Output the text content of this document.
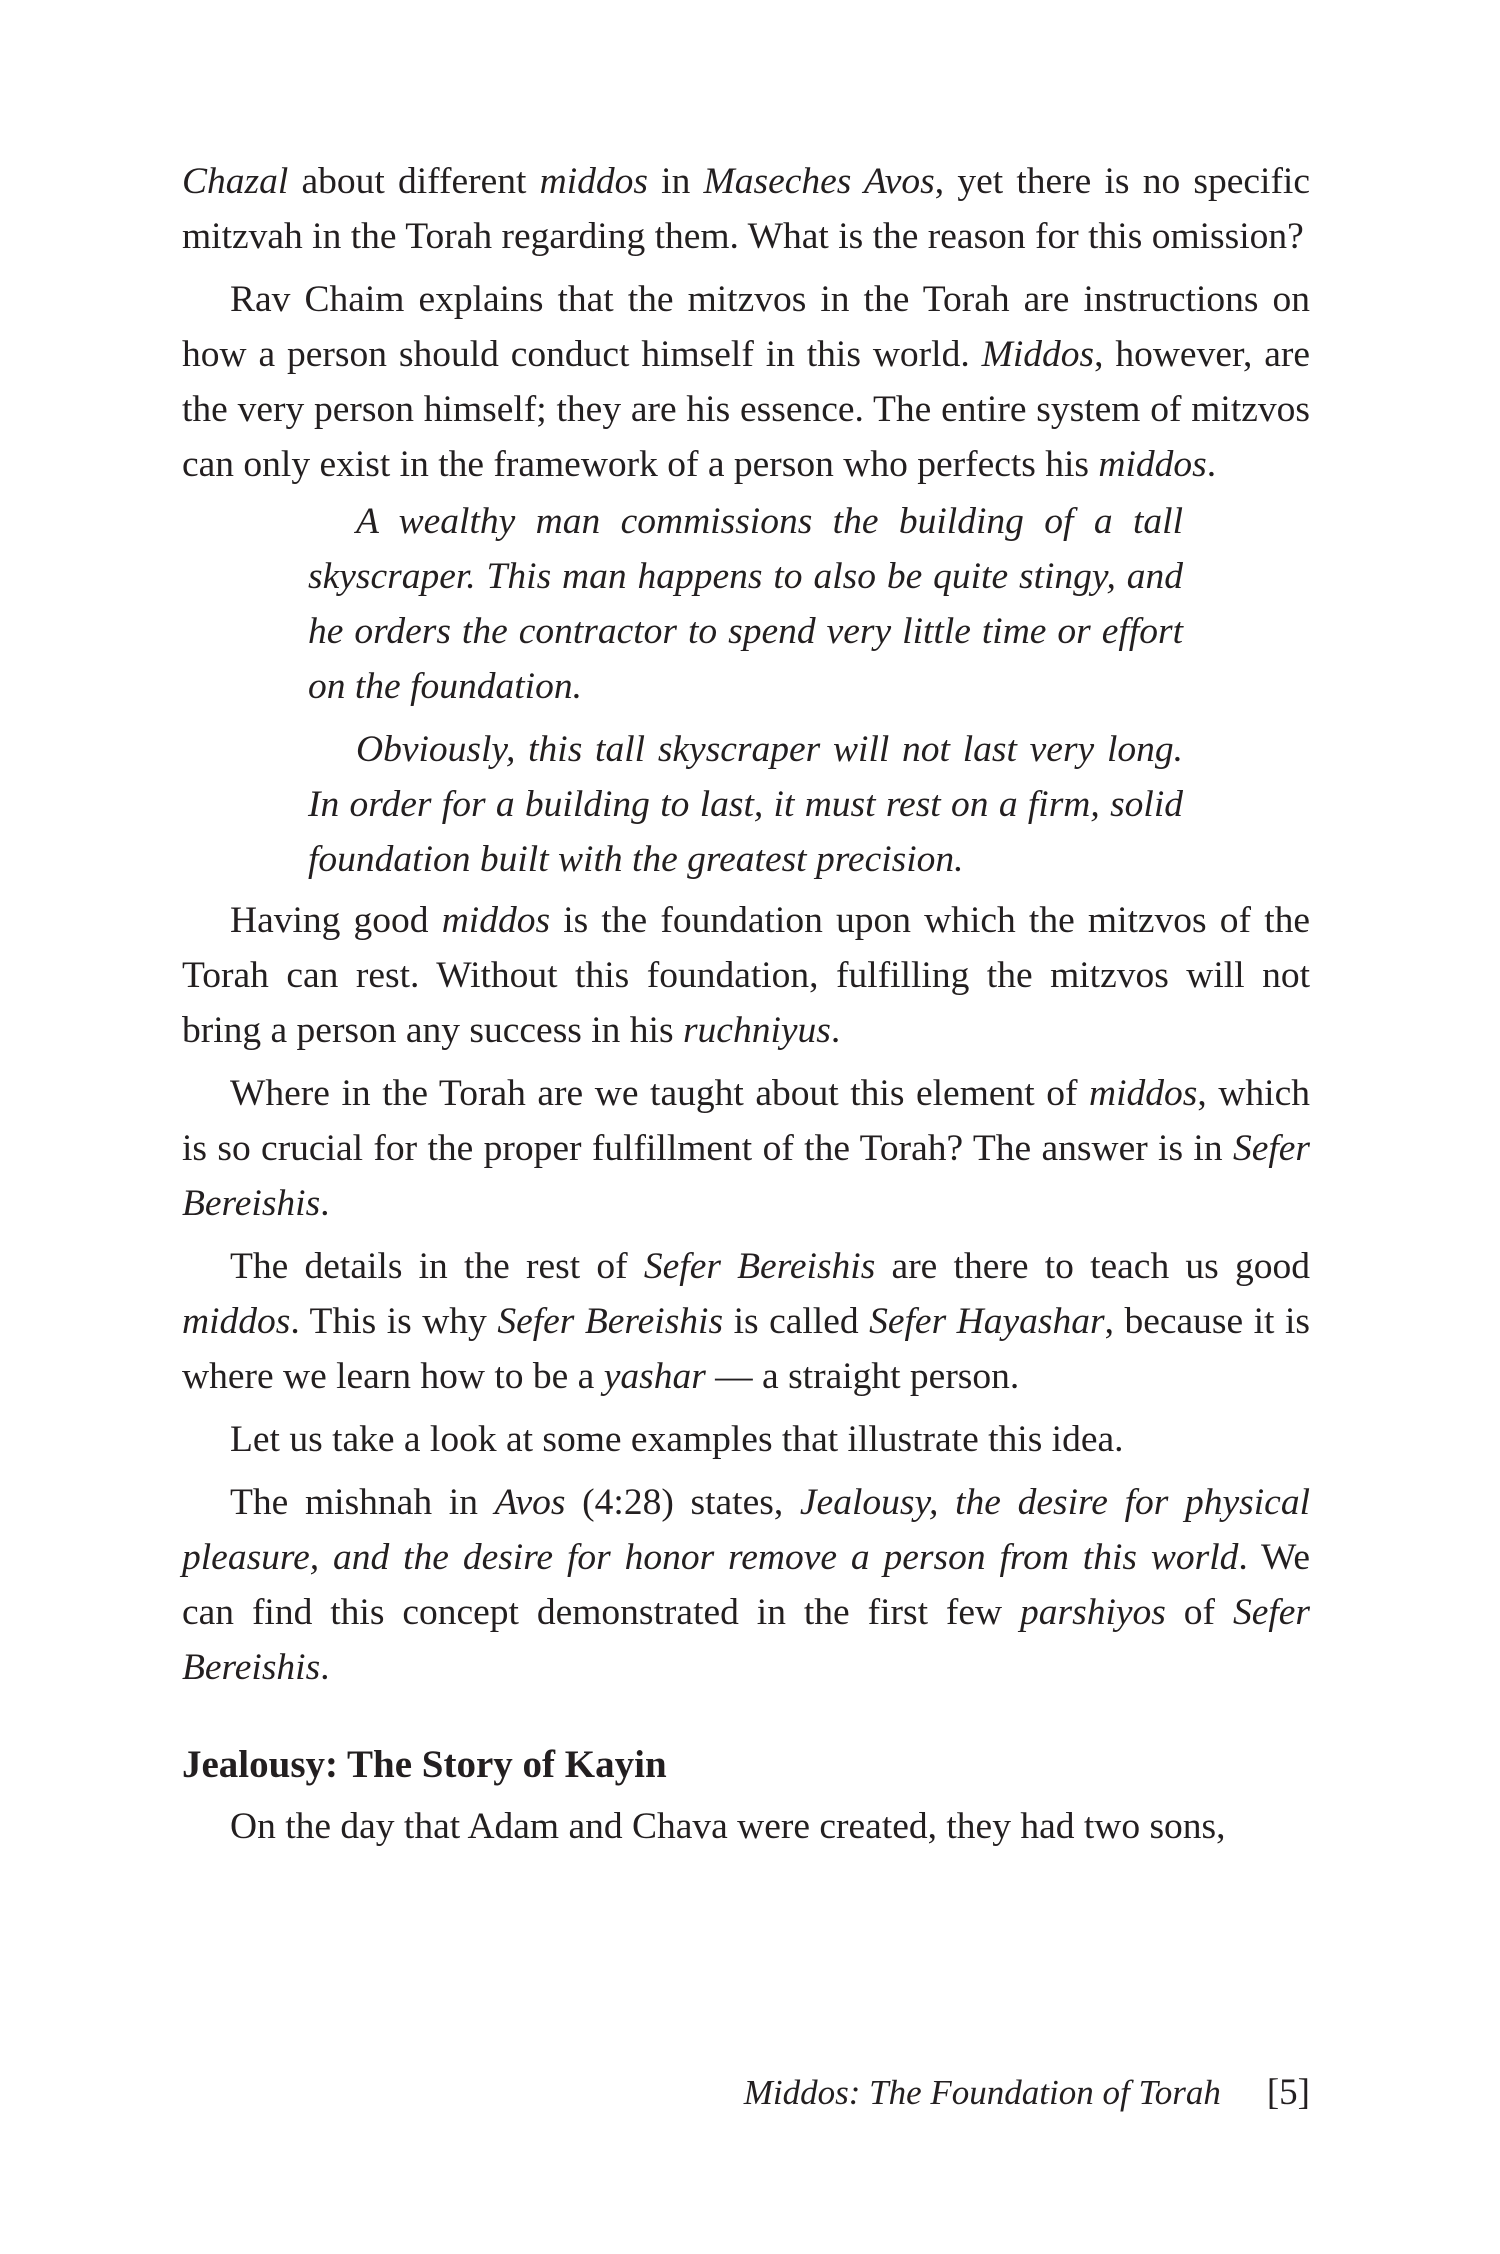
Chazal about different middos in Maseches Avos, yet there is no specific mitzvah in the Torah regarding them. What is the reason for this omission?

Rav Chaim explains that the mitzvos in the Torah are instructions on how a person should conduct himself in this world. Middos, however, are the very person himself; they are his essence. The entire system of mitzvos can only exist in the framework of a person who perfects his middos.

A wealthy man commissions the building of a tall skyscraper. This man happens to also be quite stingy, and he orders the contractor to spend very little time or effort on the foundation.

Obviously, this tall skyscraper will not last very long. In order for a building to last, it must rest on a firm, solid foundation built with the greatest precision.

Having good middos is the foundation upon which the mitzvos of the Torah can rest. Without this foundation, fulfilling the mitzvos will not bring a person any success in his ruchniyus.

Where in the Torah are we taught about this element of middos, which is so crucial for the proper fulfillment of the Torah? The answer is in Sefer Bereishis.

The details in the rest of Sefer Bereishis are there to teach us good middos. This is why Sefer Bereishis is called Sefer Hayashar, because it is where we learn how to be a yashar — a straight person.

Let us take a look at some examples that illustrate this idea.

The mishnah in Avos (4:28) states, Jealousy, the desire for physical pleasure, and the desire for honor remove a person from this world. We can find this concept demonstrated in the first few parshiyos of Sefer Bereishis.

Jealousy: The Story of Kayin

On the day that Adam and Chava were created, they had two sons,

Middos: The Foundation of Torah [5]
